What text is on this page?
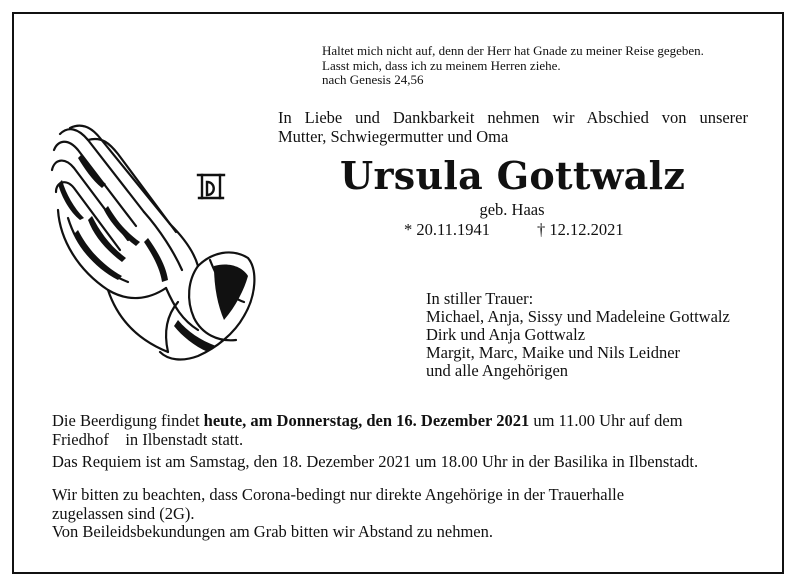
Haltet mich nicht auf, denn der Herr hat Gnade zu meiner Reise gegeben.
Lasst mich, dass ich zu meinem Herren ziehe.
nach Genesis 24,56
In Liebe und Dankbarkeit nehmen wir Abschied von unserer
Mutter, Schwiegermutter und Oma
Ursula Gottwalz
geb. Haas
* 20.11.1941	† 12.12.2021
In stiller Trauer:
Michael, Anja, Sissy und Madeleine Gottwalz
Dirk und Anja Gottwalz
Margit, Marc, Maike und Nils Leidner
und alle Angehörigen
Die Beerdigung findet heute, am Donnerstag, den 16. Dezember 2021 um 11.00 Uhr auf dem
Friedhof    in Ilbenstadt statt.
Das Requiem ist am Samstag, den 18. Dezember 2021 um 18.00 Uhr in der Basilika in Ilbenstadt.
Wir bitten zu beachten, dass Corona-bedingt nur direkte Angehörige in der Trauerhalle
zugelassen sind (2G).
Von Beileidsbekundungen am Grab bitten wir Abstand zu nehmen.
